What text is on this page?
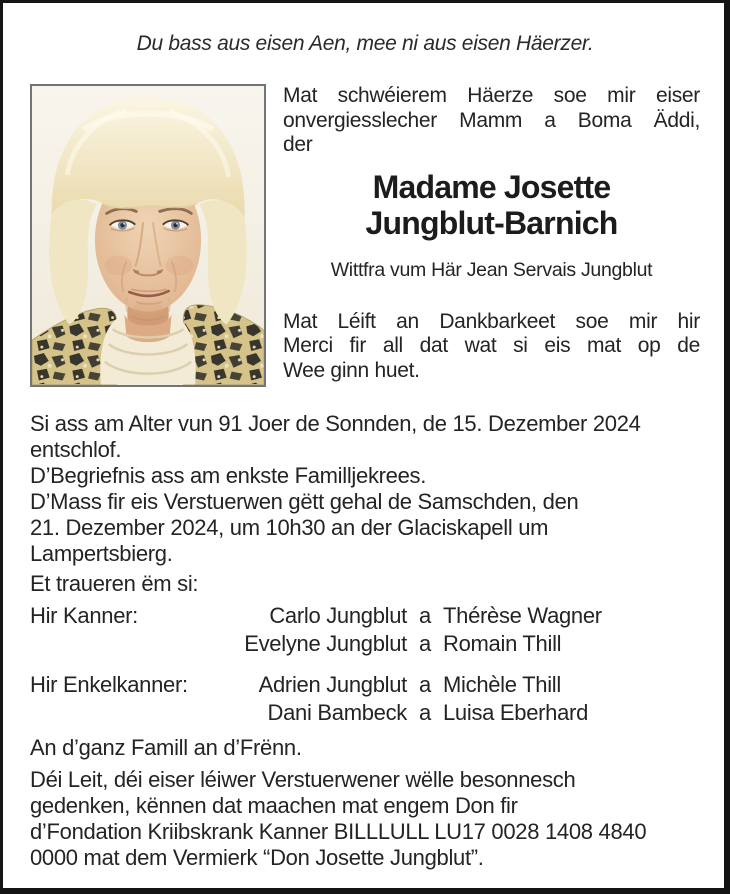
Du bass aus eisen Aen, mee ni aus eisen Häerzer.
Mat schwéierem Häerze soe mir eiser
onvergiesslecher Mamm a Boma Äddi,
der
Madame Josette
Jungblut-Barnich
Wittfra vum Här Jean Servais Jungblut
Mat Léift an Dankbarkeet soe mir hir
Merci fir all dat wat si eis mat op de
Wee ginn huet.
Si ass am Alter vun 91 Joer de Sonnden, de 15. Dezember 2024
entschlof.
D’Begriefnis ass am enkste Familljekrees.
D’Mass fir eis Verstuerwen gëtt gehal de Samschden, den
21. Dezember 2024, um 10h30 an der Glaciskapell um
Lampertsbierg.
Et traueren ëm si:
Hir Kanner:	Carlo Jungblut a Thérèse Wagner
Evelyne Jungblut a Romain Thill
Hir Enkelkanner:	Adrien Jungblut a Michèle Thill
Dani Bambeck a Luisa Eberhard
An d’ganz Famill an d’Frënn.
Déi Leit, déi eiser léiwer Verstuerwener wëlle besonnesch
gedenken, kënnen dat maachen mat engem Don fir
d’Fondation Kriibskrank Kanner BILLLULL LU17 0028 1408 4840
0000 mat dem Vermierk “Don Josette Jungblut”.
